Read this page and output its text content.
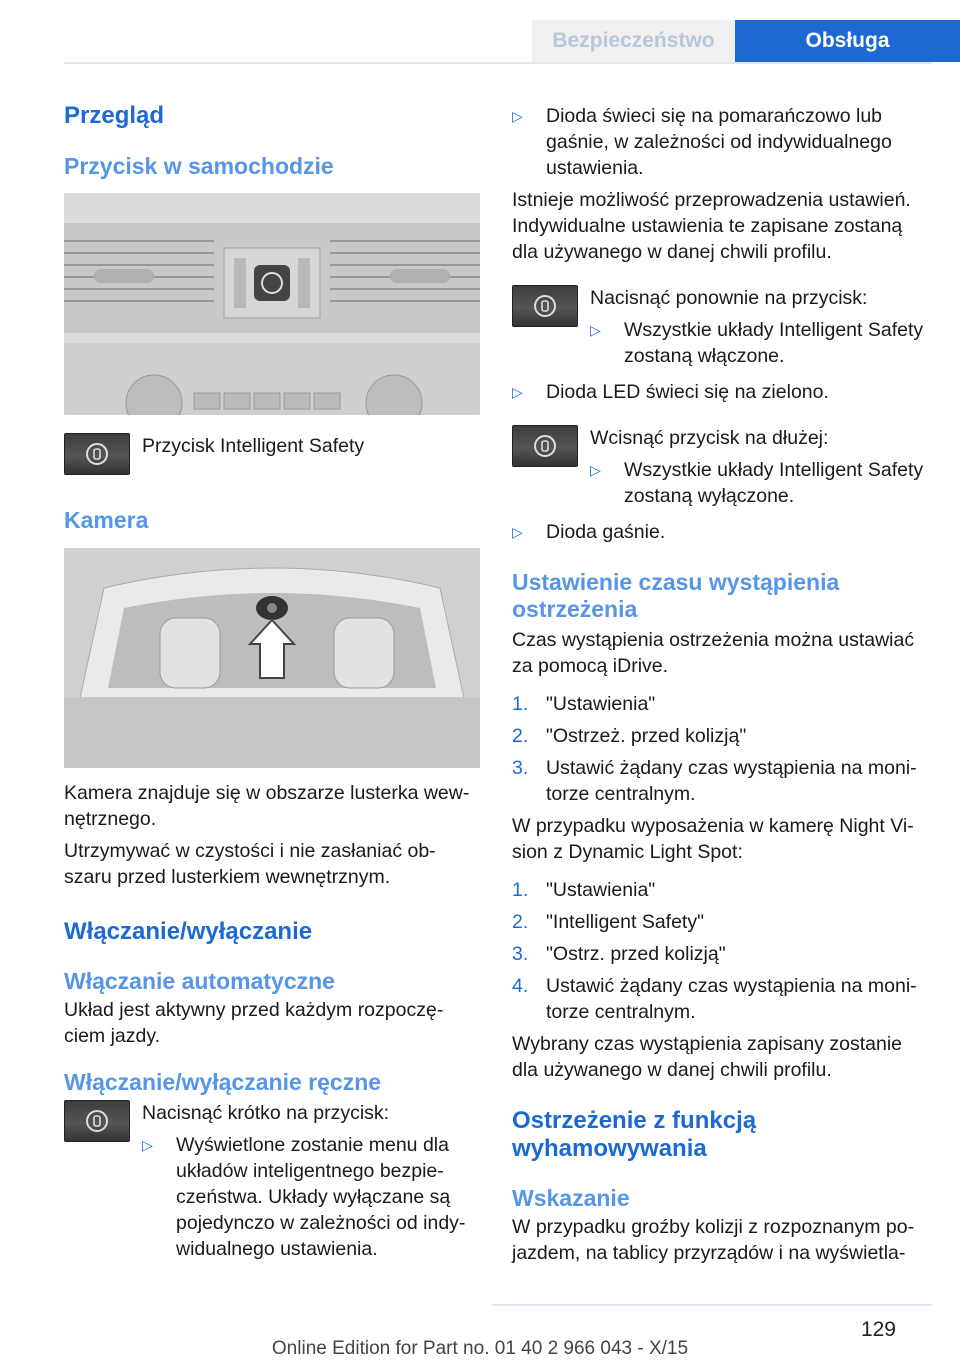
Bezpieczeństwo	Obsługa
Przegląd
Przycisk w samochodzie
Przycisk Intelligent Safety
Kamera
Kamera znajduje się w obszarze lusterka wew-nętrznego.
Utrzymywać w czystości i nie zasłaniać ob-szaru przed lusterkiem wewnętrznym.
Włączanie/wyłączanie
Włączanie automatyczne
Układ jest aktywny przed każdym rozpoczę-ciem jazdy.
Włączanie/wyłączanie ręczne
Nacisnąć krótko na przycisk:
▷	Wyświetlone zostanie menu dla układów inteligentnego bezpie-czeństwa. Układy wyłączane są pojedynczo w zależności od indy-widualnego ustawienia.
▷	Dioda świeci się na pomarańczowo lub gaśnie, w zależności od indywidualnego ustawienia.
Istnieje możliwość przeprowadzenia ustawień. Indywidualne ustawienia te zapisane zostaną dla używanego w danej chwili profilu.
Nacisnąć ponownie na przycisk:
▷	Wszystkie układy Intelligent Safety zostaną włączone.
▷	Dioda LED świeci się na zielono.
Wcisnąć przycisk na dłużej:
▷	Wszystkie układy Intelligent Safety zostaną wyłączone.
▷	Dioda gaśnie.
Ustawienie czasu wystąpienia ostrzeżenia
Czas wystąpienia ostrzeżenia można ustawiać za pomocą iDrive.
1. "Ustawienia"
2. "Ostrzeż. przed kolizją"
3. Ustawić żądany czas wystąpienia na moni-torze centralnym.
W przypadku wyposażenia w kamerę Night Vi-sion z Dynamic Light Spot:
1. "Ustawienia"
2. "Intelligent Safety"
3. "Ostrz. przed kolizją"
4. Ustawić żądany czas wystąpienia na moni-torze centralnym.
Wybrany czas wystąpienia zapisany zostanie dla używanego w danej chwili profilu.
Ostrzeżenie z funkcją wyhamowywania
Wskazanie
W przypadku groźby kolizji z rozpoznanym po-jazdem, na tablicy przyrządów i na wyświetla-
129
Online Edition for Part no. 01 40 2 966 043 - X/15
